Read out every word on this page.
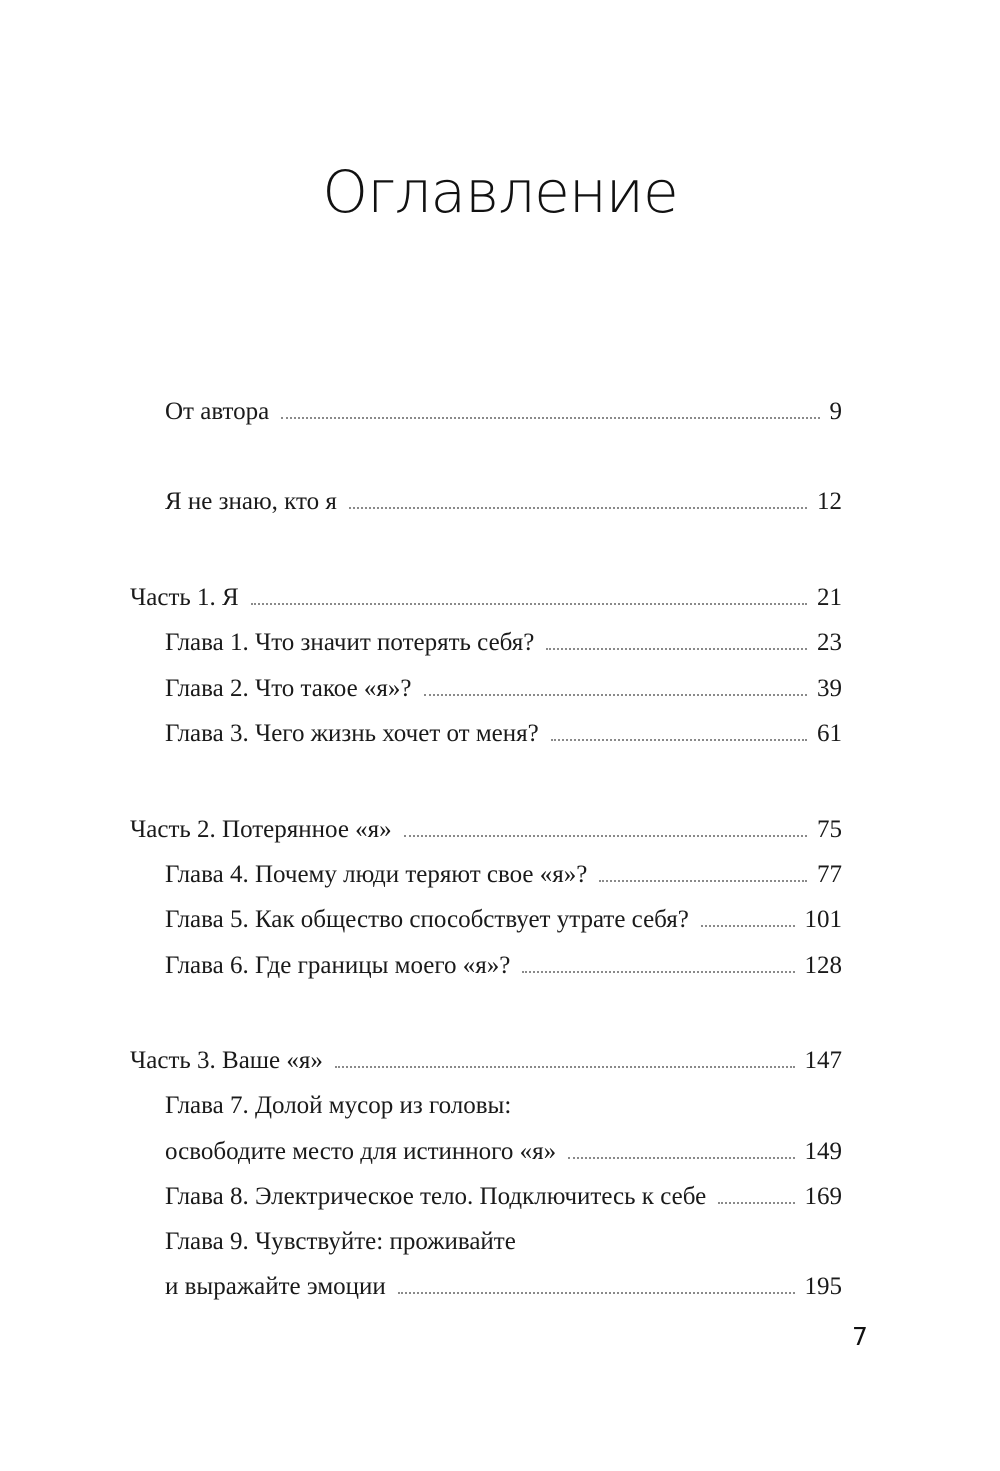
Оглавление
От автора	9
Я не знаю, кто я	12
Часть 1. Я	21
Глава 1. Что значит потерять себя?	23
Глава 2. Что такое «я»?	39
Глава 3. Чего жизнь хочет от меня?	61
Часть 2. Потерянное «я»	75
Глава 4. Почему люди теряют свое «я»?	77
Глава 5. Как общество способствует утрате себя?	101
Глава 6. Где границы моего «я»?	128
Часть 3. Ваше «я»	147
Глава 7. Долой мусор из головы:
освободите место для истинного «я»	149
Глава 8. Электрическое тело. Подключитесь к себе	169
Глава 9. Чувствуйте: проживайте
и выражайте эмоции	195
7
